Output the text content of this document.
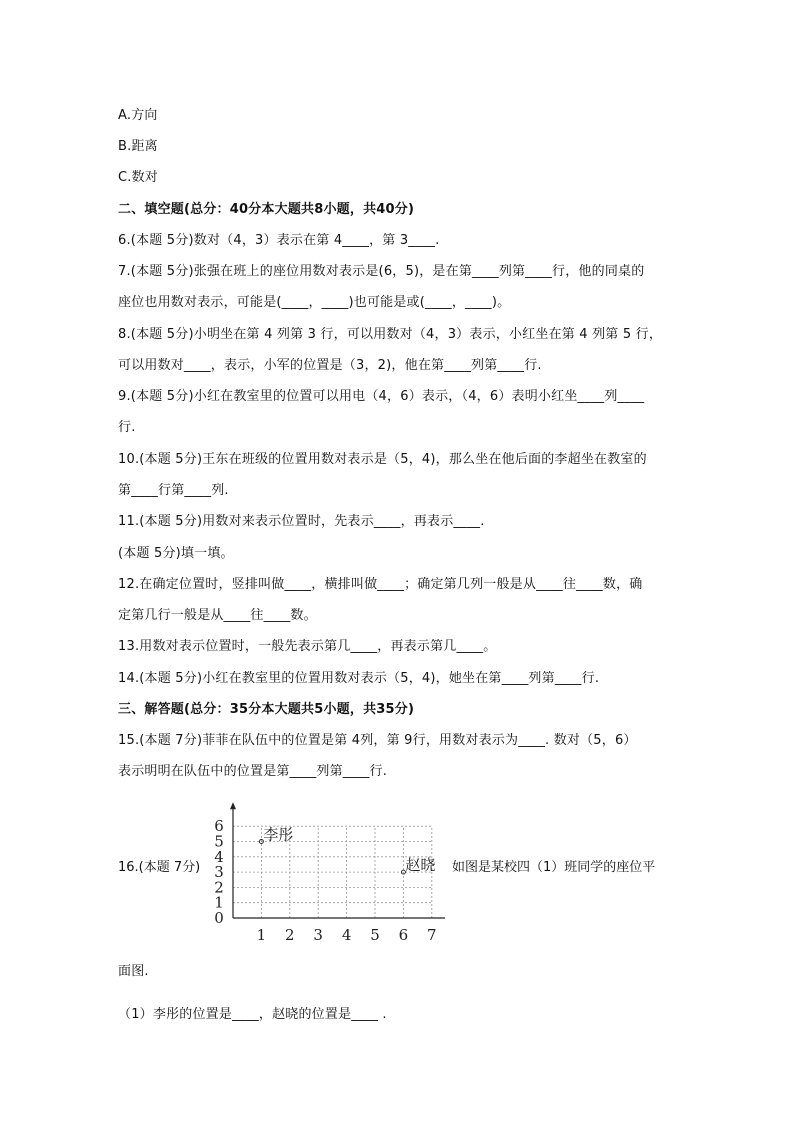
A.方向
B.距离
C.数对
二、填空题(总分：40分本大题共8小题，共40分)
6.(本题 5分)数对（4，3）表示在第 4____，第 3____.
7.(本题 5分)张强在班上的座位用数对表示是(6，5)，是在第____列第____行，他的同桌的
座位也用数对表示，可能是(____，____)也可能是或(____，____)。
8.(本题 5分)小明坐在第 4 列第 3 行，可以用数对（4，3）表示，小红坐在第 4 列第 5 行，
可以用数对____，表示，小军的位置是（3，2)，他在第____列第____行.
9.(本题 5分)小红在教室里的位置可以用电（4，6）表示，（4，6）表明小红坐____列____
行.
10.(本题 5分)王东在班级的位置用数对表示是（5，4)，那么坐在他后面的李超坐在教室的
第____行第____列.
11.(本题 5分)用数对来表示位置时，先表示____，再表示____.
(本题 5分)填一填。
12.在确定位置时，竖排叫做____，横排叫做____；确定第几列一般是从____往____数，确
定第几行一般是从____往____数。
13.用数对表示位置时，一般先表示第几____，再表示第几____。
14.(本题 5分)小红在教室里的位置用数对表示（5，4)，她坐在第____列第____行.
三、解答题(总分：35分本大题共5小题，共35分)
15.(本题 7分)菲菲在队伍中的位置是第 4列，第 9行，用数对表示为____. 数对（5，6）
表示明明在队伍中的位置是第____列第____行.
16.(本题 7分)
1 2 3 4 5 6 7
0
1
2
3
4
5
6	李彤
赵晓 如图是某校四（1）班同学的座位平
面图.
（1）李彤的位置是____，赵晓的位置是____ .
